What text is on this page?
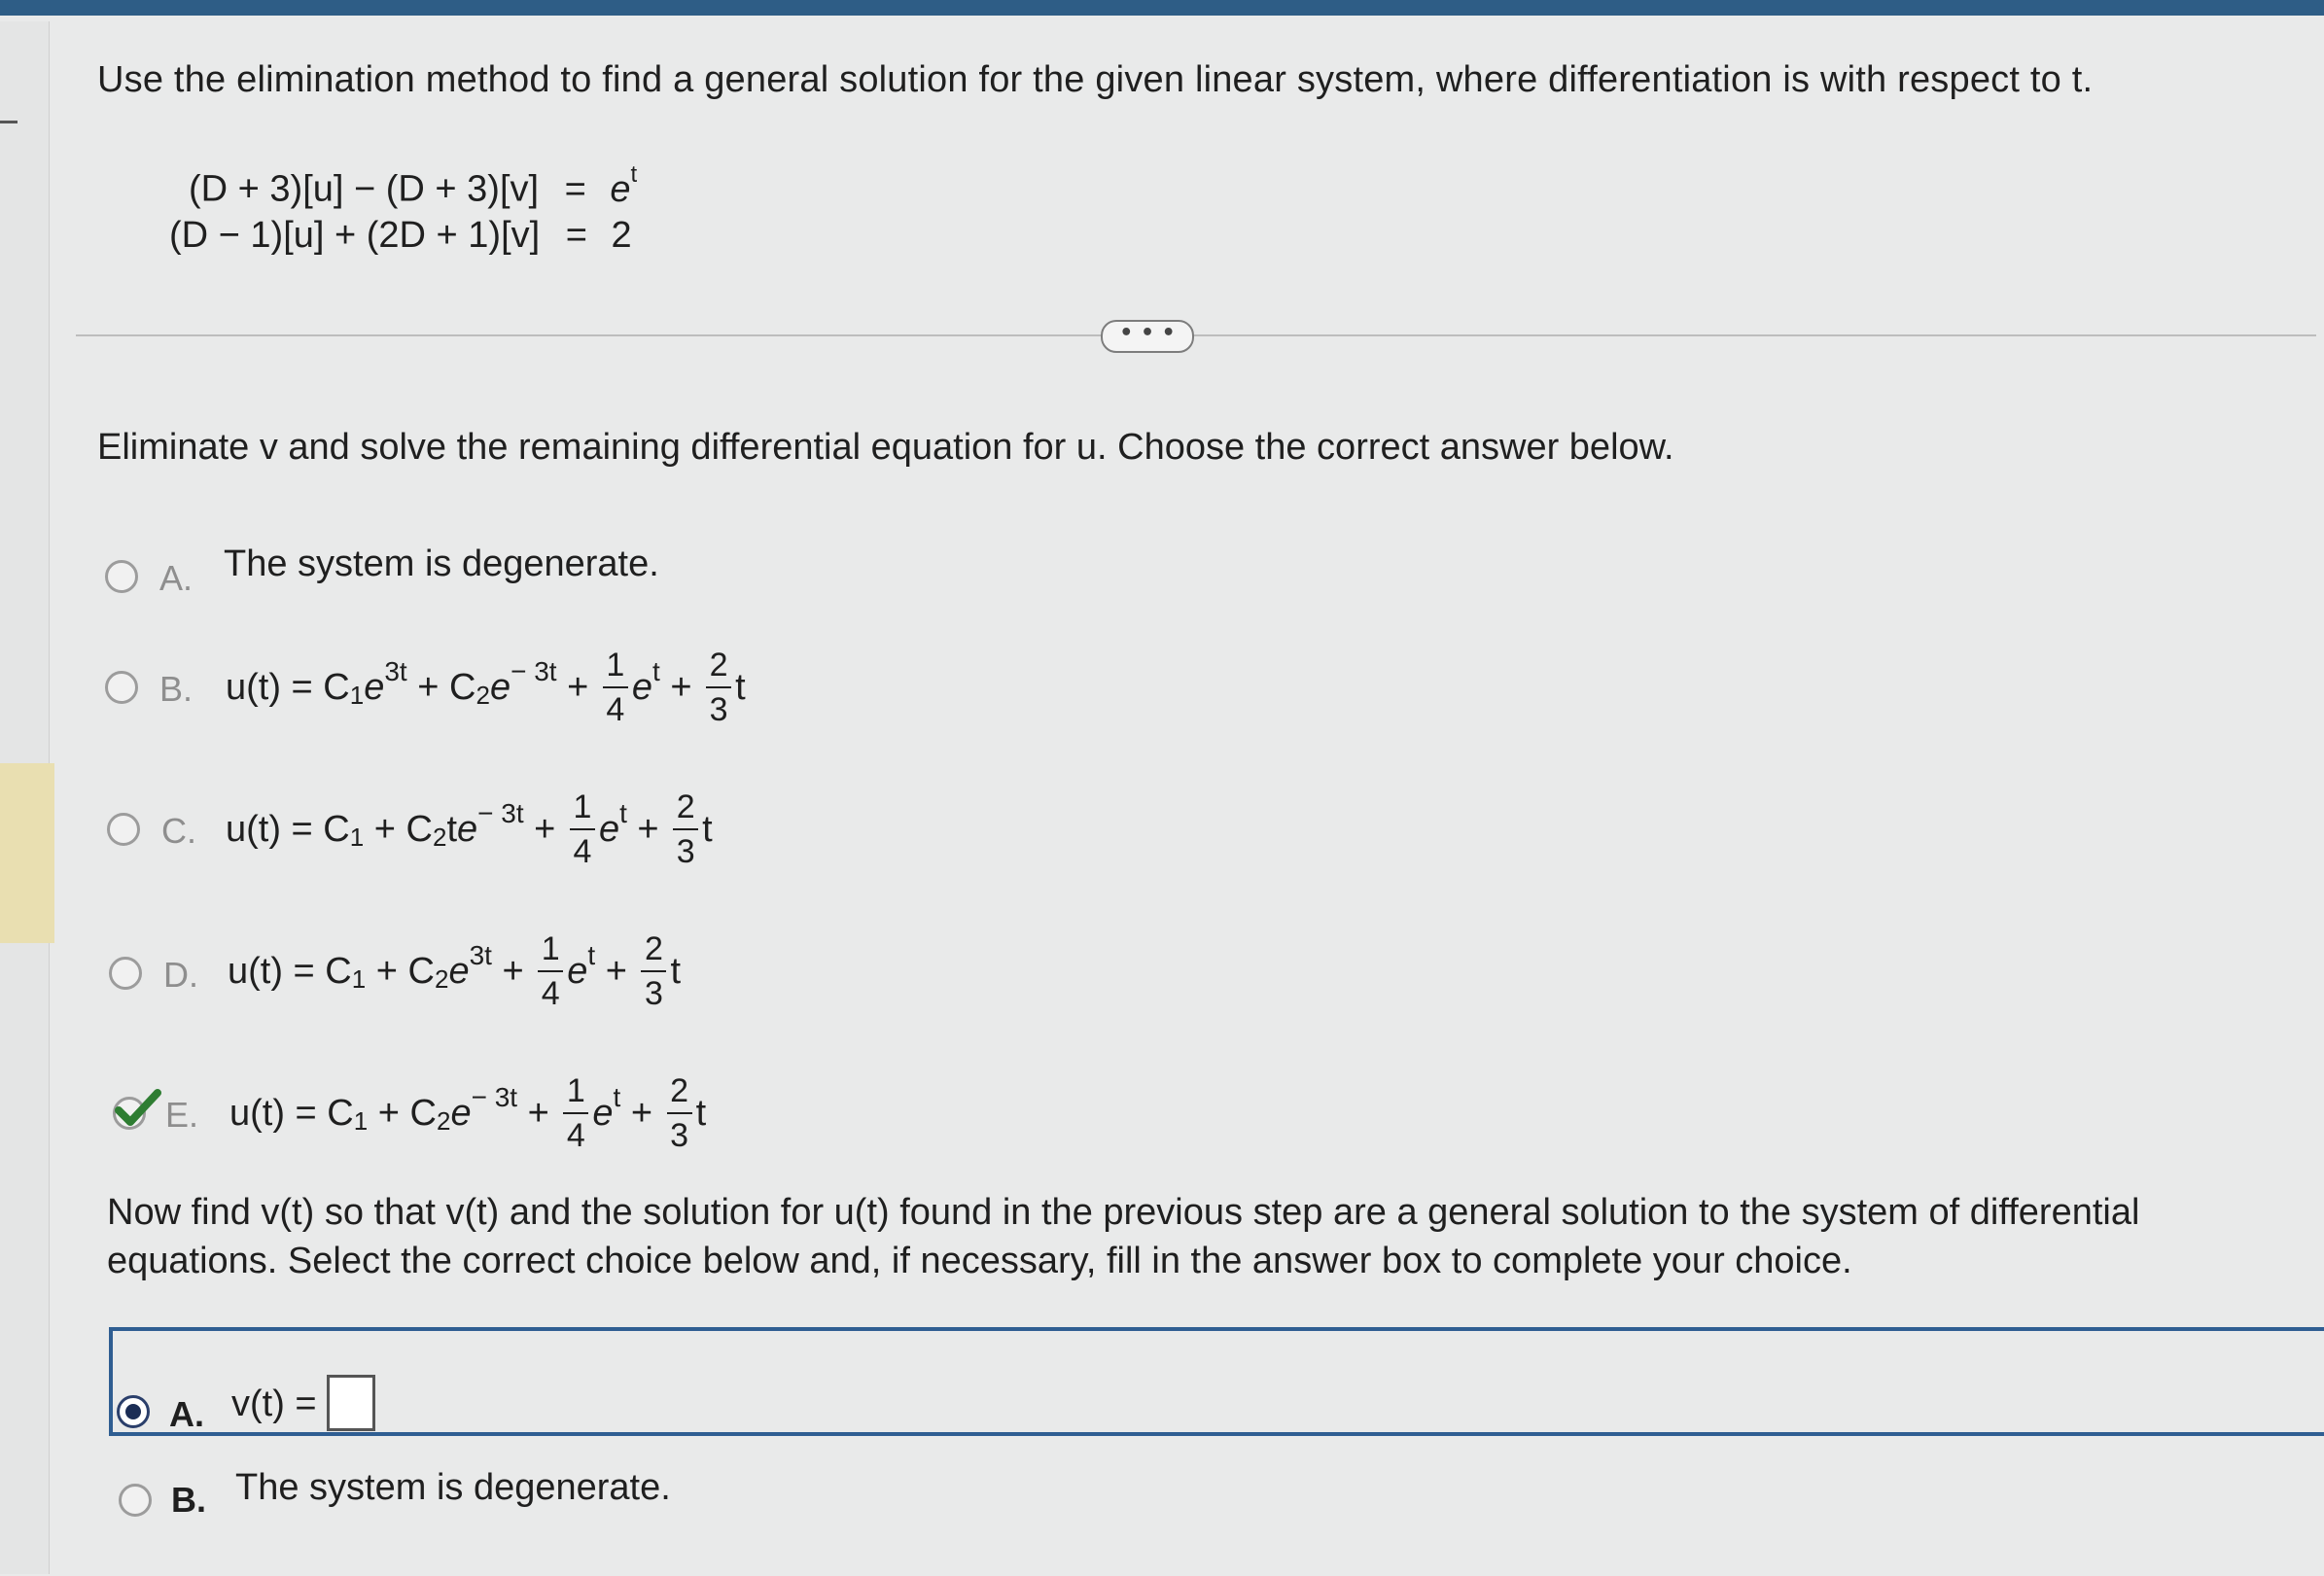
Use the elimination method to find a general solution for the given linear system, where differentiation is with respect to t.
$(D + 3)[u] - (D + 3)[v] = e^t$
(D − 1)[u] + (2D + 1)[v] = 2
• • •
Eliminate v and solve the remaining differential equation for u. Choose the correct answer below.
A. The system is degenerate.
B. $u(t) = C_1$ $e^{3t} + C_2$ $e^{- 3t} + \frac{1}{4} e^t + \frac{2}{3}$ t
C. $u(t) = C_1 + C_2$ t $e^{- 3t} + \frac{1}{4} e^t + \frac{2}{3}$ t
D. $u(t) = C_1 + C_2$ $e^{3t} + \frac{1}{4} e^t + \frac{2}{3}$ t
E. $u(t) = C_1 + C_2$ $e^{- 3t} + \frac{1}{4} e^t + \frac{2}{3}$ t
Now find v(t) so that v(t) and the solution for u(t) found in the previous step are a general solution to the system of differential equations. Select the correct choice below and, if necessary, fill in the answer box to complete your choice.
A. v(t) =
B. The system is degenerate.
